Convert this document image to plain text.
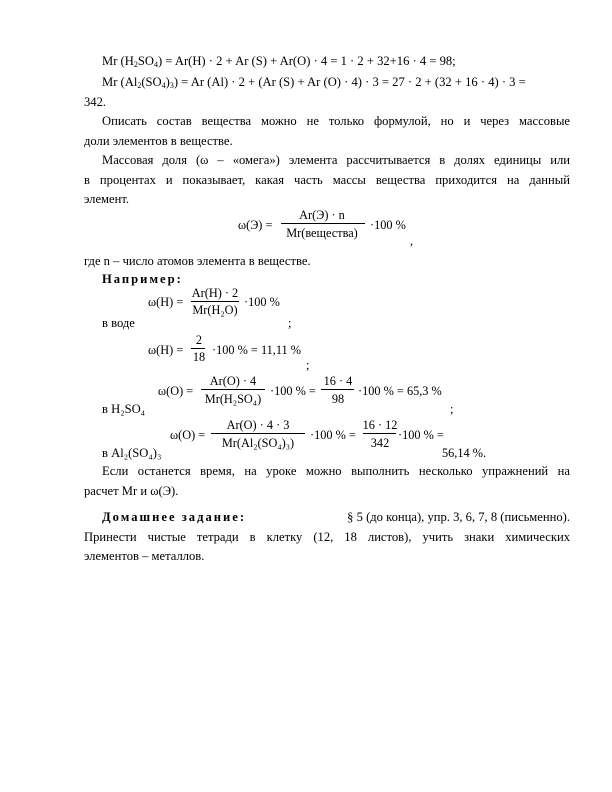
Mr $(H_2SO_4) = Ar(H) \cdot 2 + Ar$ (S) + Ar(O) · 4 = 1 · 2 + 32+16 · 4 = 98;
Mr $(Al_2(SO_4)_3) = Ar$ (Al) · 2 + (Ar (S) + Ar (O) · 4) · 3 = 27 · 2 + (32 + 16 · 4) · 3 =
342.
Описать состав вещества можно не только формулой, но и через массовые
доли элементов в веществе.
Массовая доля (ω – «омега») элемента рассчитывается в долях единицы или
в процентах и показывает, какая часть массы вещества приходится на данный
элемент.
ω(Э) =
Ar(Э) · n
Mr(вещества)
·100 %
,
где n – число атомов элемента в веществе.
Например:
ω(H) =
Ar(H) · 2
Mr(H₂O)
·100 %
в воде	;
ω(H) =
2
18 ·100 % = 11,11 %
;
ω(O) =
Ar(O) · 4
Mr(H₂SO₄)
·100 % =
16 · 4
98
·100 % = 65,3 %
в H₂SO₄	;
ω(O) =
Ar(O) · 4 · 3
Mr(Al₂(SO₄)₃)
·100 % =
16 · 12
342
·100 % =
56,14 %.
в Al₂(SO₄)₃
Если останется время, на уроке можно выполнить несколько упражнений на
расчет Mr и ω(Э).
Домашнее задание:	§ 5 (до конца), упр. 3, 6, 7, 8 (письменно).
Принести чистые тетради в клетку (12, 18 листов), учить знаки химических
элементов – металлов.
